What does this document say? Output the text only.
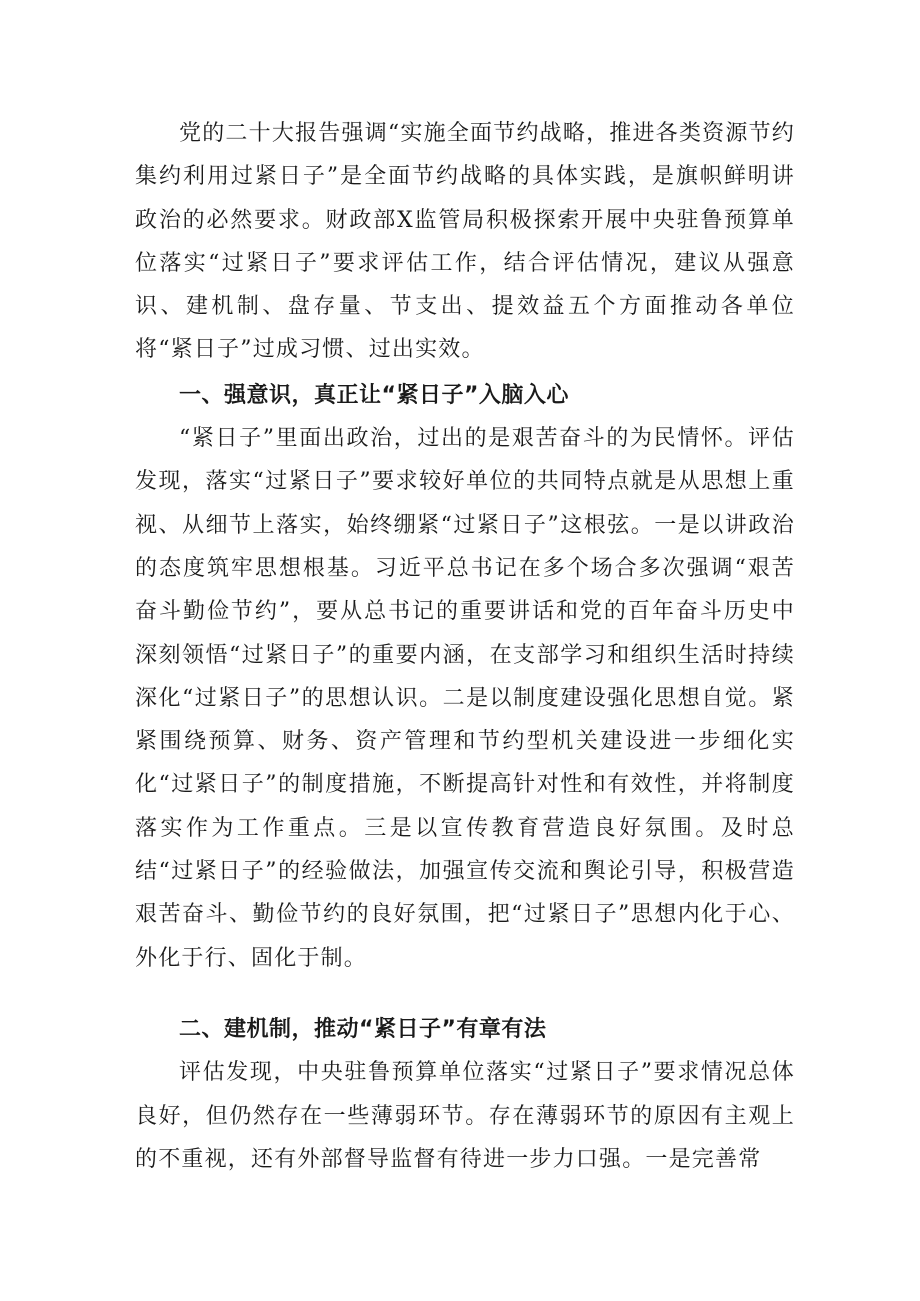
党的二十大报告强调“实施全面节约战略，推进各类资源节约集约利用过紧日子”是全面节约战略的具体实践，是旗帜鲜明讲政治的必然要求。财政部X监管局积极探索开展中央驻鲁预算单位落实“过紧日子”要求评估工作，结合评估情况，建议从强意识、建机制、盘存量、节支出、提效益五个方面推动各单位将“紧日子”过成习惯、过出实效。

一、强意识，真正让“紧日子”入脑入心

“紧日子”里面出政治，过出的是艰苦奋斗的为民情怀。评估发现，落实“过紧日子”要求较好单位的共同特点就是从思想上重视、从细节上落实，始终绷紧“过紧日子”这根弦。一是以讲政治的态度筑牢思想根基。习近平总书记在多个场合多次强调“艰苦奋斗勤俭节约”，要从总书记的重要讲话和党的百年奋斗历史中深刻领悟“过紧日子”的重要内涵，在支部学习和组织生活时持续深化“过紧日子”的思想认识。二是以制度建设强化思想自觉。紧紧围绕预算、财务、资产管理和节约型机关建设进一步细化实化“过紧日子”的制度措施，不断提高针对性和有效性，并将制度落实作为工作重点。三是以宣传教育营造良好氛围。及时总结“过紧日子”的经验做法，加强宣传交流和舆论引导，积极营造艰苦奋斗、勤俭节约的良好氛围，把“过紧日子”思想内化于心、外化于行、固化于制。

二、建机制，推动“紧日子”有章有法

评估发现，中央驻鲁预算单位落实“过紧日子”要求情况总体良好，但仍然存在一些薄弱环节。存在薄弱环节的原因有主观上的不重视，还有外部督导监督有待进一步力口强。一是完善常
